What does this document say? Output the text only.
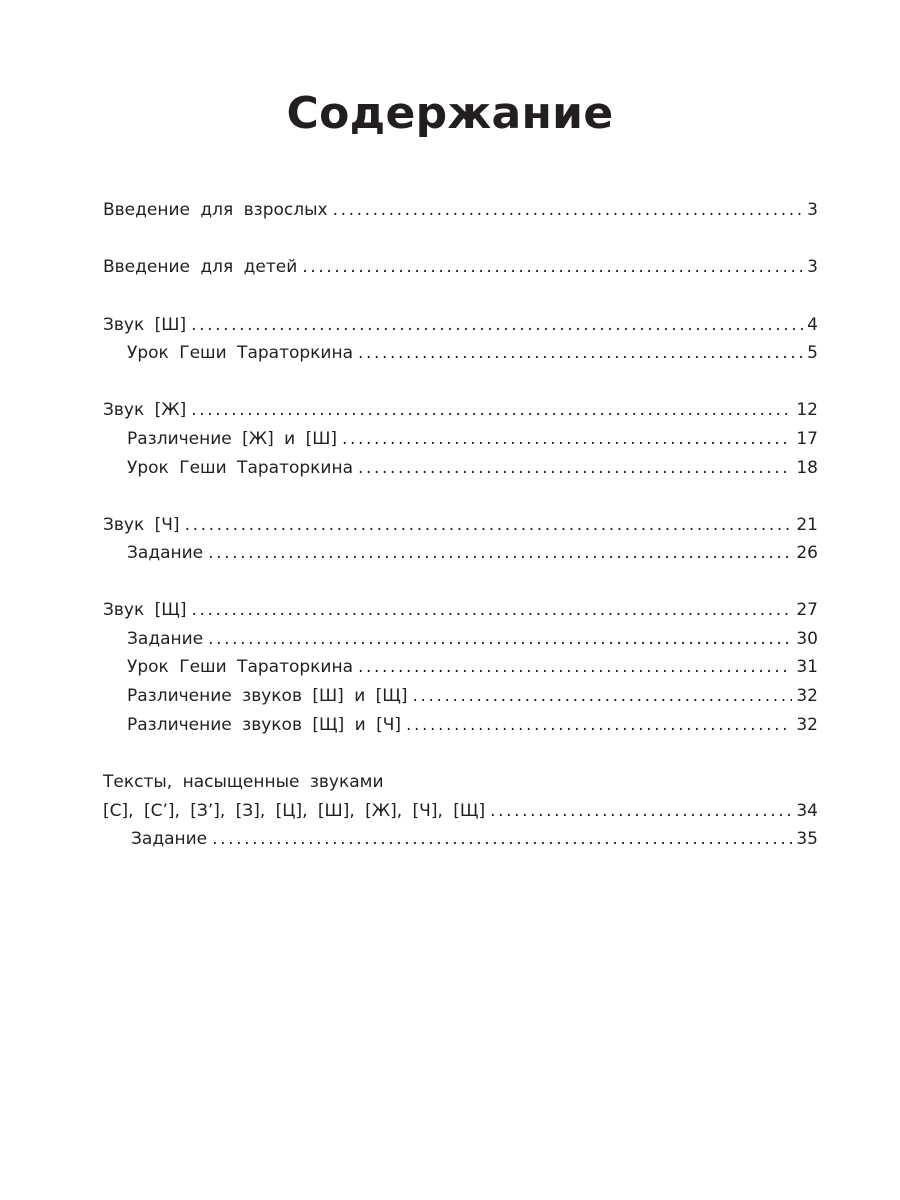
Содержание
Введение для взрослых .....	3
Введение для детей .....	3
Звук [Ш] .....	4
Урок Геши Тараторкина .....	5
Звук [Ж] .....	12
Различение [Ж] и [Ш] .....	17
Урок Геши Тараторкина .....	18
Звук [Ч] .....	21
Задание .....	26
Звук [Щ] .....	27
Задание .....	30
Урок Геши Тараторкина .....	31
Различение звуков [Ш] и [Щ] .....	32
Различение звуков [Щ] и [Ч] .....	32
Тексты, насыщенные звуками
[С], [С’], [З’], [З], [Ц], [Ш], [Ж], [Ч], [Щ] .....	34
Задание .....	35
